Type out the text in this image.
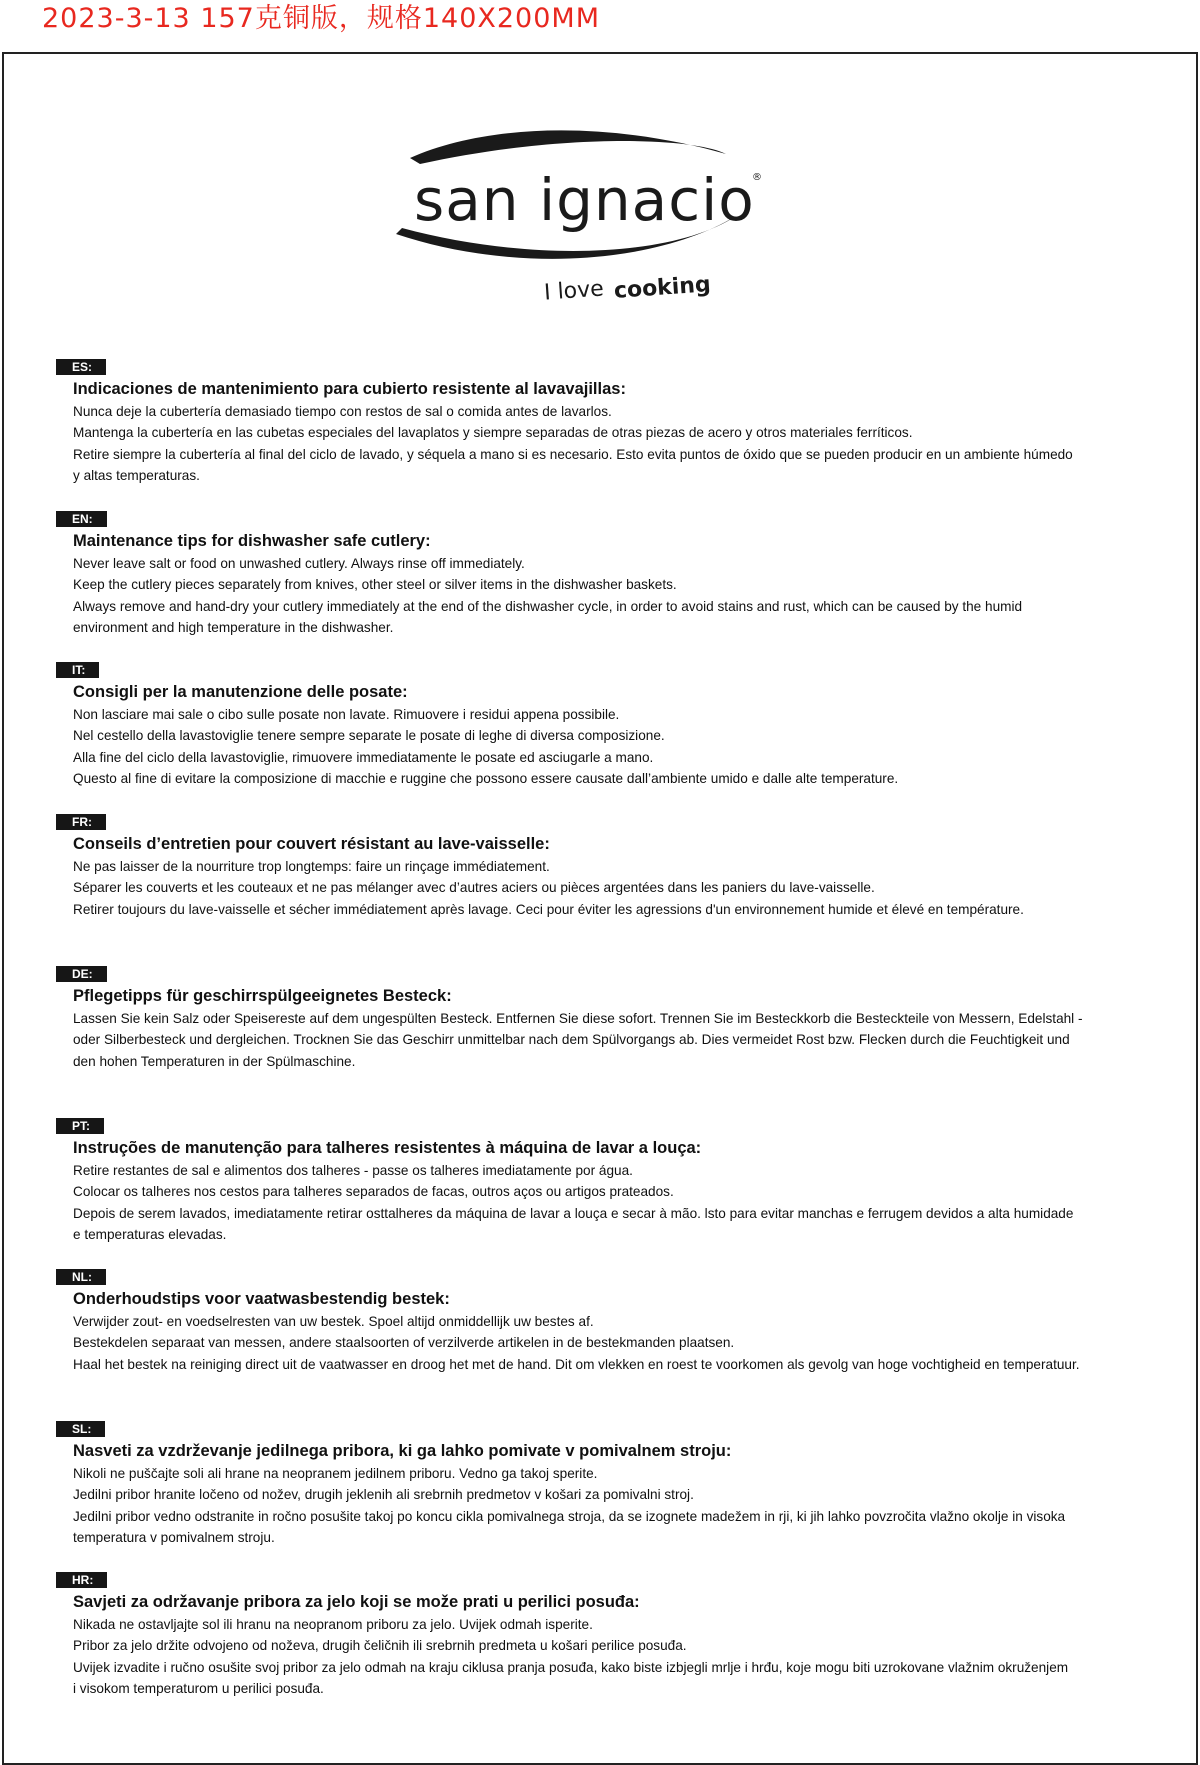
2023-3-13 157克铜版，规格140X200MM
san ignacio
®
I love cooking
ES:
Indicaciones de mantenimiento para cubierto resistente al lavavajillas:
Nunca deje la cubertería demasiado tiempo con restos de sal o comida antes de lavarlos.
Mantenga la cubertería en las cubetas especiales del lavaplatos y siempre separadas de otras piezas de acero y otros materiales ferríticos.
Retire siempre la cubertería al final del ciclo de lavado, y séquela a mano si es necesario. Esto evita puntos de óxido que se pueden producir en un ambiente húmedo
y altas temperaturas.
EN:
Maintenance tips for dishwasher safe cutlery:
Never leave salt or food on unwashed cutlery. Always rinse off immediately.
Keep the cutlery pieces separately from knives, other steel or silver items in the dishwasher baskets.
Always remove and hand-dry your cutlery immediately at the end of the dishwasher cycle, in order to avoid stains and rust, which can be caused by the humid
environment and high temperature in the dishwasher.
IT:
Consigli per la manutenzione delle posate:
Non lasciare mai sale o cibo sulle posate non lavate. Rimuovere i residui appena possibile.
Nel cestello della lavastoviglie tenere sempre separate le posate di leghe di diversa composizione.
Alla fine del ciclo della lavastoviglie, rimuovere immediatamente le posate ed asciugarle a mano.
Questo al fine di evitare la composizione di macchie e ruggine che possono essere causate dall’ambiente umido e dalle alte temperature.
FR:
Conseils d’entretien pour couvert résistant au lave-vaisselle:
Ne pas laisser de la nourriture trop longtemps: faire un rinçage immédiatement.
Séparer les couverts et les couteaux et ne pas mélanger avec d’autres aciers ou pièces argentées dans les paniers du lave-vaisselle.
Retirer toujours du lave-vaisselle et sécher immédiatement après lavage. Ceci pour éviter les agressions d'un environnement humide et élevé en température.
DE:
Pflegetipps für geschirrspülgeeignetes Besteck:
Lassen Sie kein Salz oder Speisereste auf dem ungespülten Besteck. Entfernen Sie diese sofort. Trennen Sie im Besteckkorb die Besteckteile von Messern, Edelstahl -
oder Silberbesteck und dergleichen. Trocknen Sie das Geschirr unmittelbar nach dem Spülvorgangs ab. Dies vermeidet Rost bzw. Flecken durch die Feuchtigkeit und
den hohen Temperaturen in der Spülmaschine.
PT:
Instruções de manutenção para talheres resistentes à máquina de lavar a louça:
Retire restantes de sal e alimentos dos talheres - passe os talheres imediatamente por água.
Colocar os talheres nos cestos para talheres separados de facas, outros aços ou artigos prateados.
Depois de serem lavados, imediatamente retirar osttalheres da máquina de lavar a louça e secar à mão. lsto para evitar manchas e ferrugem devidos a alta humidade
e temperaturas elevadas.
NL:
Onderhoudstips voor vaatwasbestendig bestek:
Verwijder zout- en voedselresten van uw bestek. Spoel altijd onmiddellijk uw bestes af.
Bestekdelen separaat van messen, andere staalsoorten of verzilverde artikelen in de bestekmanden plaatsen.
Haal het bestek na reiniging direct uit de vaatwasser en droog het met de hand. Dit om vlekken en roest te voorkomen als gevolg van hoge vochtigheid en temperatuur.
SL:
Nasveti za vzdrževanje jedilnega pribora, ki ga lahko pomivate v pomivalnem stroju:
Nikoli ne puščajte soli ali hrane na neopranem jedilnem priboru. Vedno ga takoj sperite.
Jedilni pribor hranite ločeno od nožev, drugih jeklenih ali srebrnih predmetov v košari za pomivalni stroj.
Jedilni pribor vedno odstranite in ročno posušite takoj po koncu cikla pomivalnega stroja, da se izognete madežem in rji, ki jih lahko povzročita vlažno okolje in visoka
temperatura v pomivalnem stroju.
HR:
Savjeti za održavanje pribora za jelo koji se može prati u perilici posuđa:
Nikada ne ostavljajte sol ili hranu na neopranom priboru za jelo. Uvijek odmah isperite.
Pribor za jelo držite odvojeno od noževa, drugih čeličnih ili srebrnih predmeta u košari perilice posuđa.
Uvijek izvadite i ručno osušite svoj pribor za jelo odmah na kraju ciklusa pranja posuđa, kako biste izbjegli mrlje i hrđu, koje mogu biti uzrokovane vlažnim okruženjem
i visokom temperaturom u perilici posuđa.
